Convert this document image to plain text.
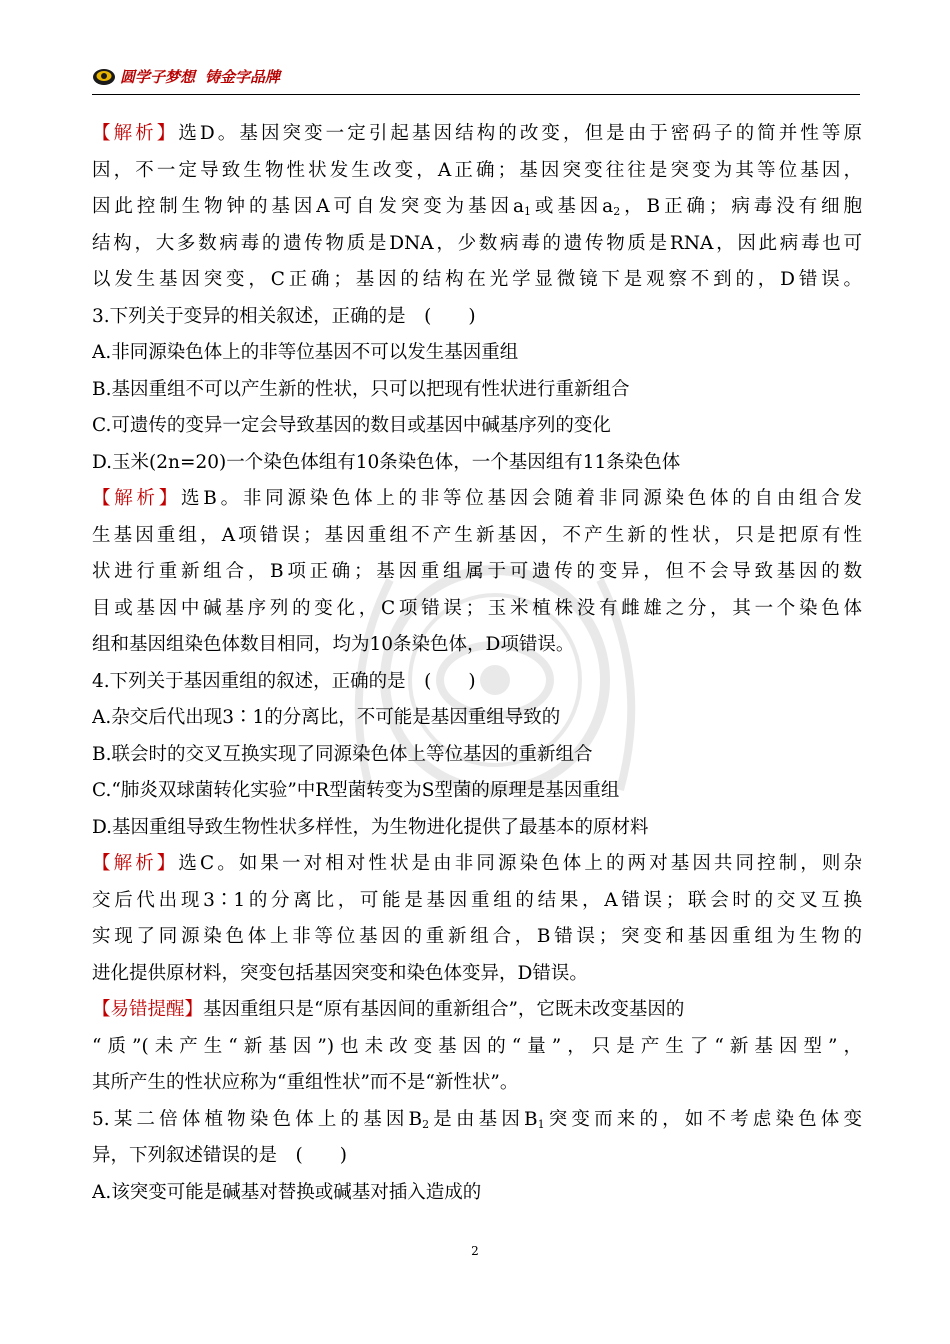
圆学子梦想 铸金字品牌
【解析】选D。基因突变一定引起基因结构的改变，但是由于密码子的简并性等原
因，不一定导致生物性状发生改变，A正确；基因突变往往是突变为其等位基因，
因此控制生物钟的基因A可自发突变为基因$a_1$或基因$a_2$，B正确；病毒没有细胞
结构，大多数病毒的遗传物质是DNA，少数病毒的遗传物质是RNA，因此病毒也可
以发生基因突变，C正确；基因的结构在光学显微镜下是观察不到的，D错误。
3.下列关于变异的相关叙述，正确的是　(　　)
A.非同源染色体上的非等位基因不可以发生基因重组
B.基因重组不可以产生新的性状，只可以把现有性状进行重新组合
C.可遗传的变异一定会导致基因的数目或基因中碱基序列的变化
D.玉米(2n=20)一个染色体组有10条染色体，一个基因组有11条染色体
【解析】选B。非同源染色体上的非等位基因会随着非同源染色体的自由组合发
生基因重组，A项错误；基因重组不产生新基因，不产生新的性状，只是把原有性
状进行重新组合，B项正确；基因重组属于可遗传的变异，但不会导致基因的数
目或基因中碱基序列的变化，C项错误；玉米植株没有雌雄之分，其一个染色体
组和基因组染色体数目相同，均为10条染色体，D项错误。
4.下列关于基因重组的叙述，正确的是　(　　)
A.杂交后代出现3∶1的分离比，不可能是基因重组导致的
B.联会时的交叉互换实现了同源染色体上等位基因的重新组合
C.“肺炎双球菌转化实验”中R型菌转变为S型菌的原理是基因重组
D.基因重组导致生物性状多样性，为生物进化提供了最基本的原材料
【解析】选C。如果一对相对性状是由非同源染色体上的两对基因共同控制，则杂
交后代出现3∶1的分离比，可能是基因重组的结果，A错误；联会时的交叉互换
实现了同源染色体上非等位基因的重新组合，B错误；突变和基因重组为生物的
进化提供原材料，突变包括基因突变和染色体变异，D错误。
【易错提醒】基因重组只是“原有基因间的重新组合”，它既未改变基因的
“质”(未产生“新基因”)也未改变基因的“量”，只是产生了“新基因型”，
其所产生的性状应称为“重组性状”而不是“新性状”。
5.某二倍体植物染色体上的基因$B_2$是由基因$B_1$突变而来的，如不考虑染色体变
异，下列叙述错误的是　(　　)
A.该突变可能是碱基对替换或碱基对插入造成的
2
